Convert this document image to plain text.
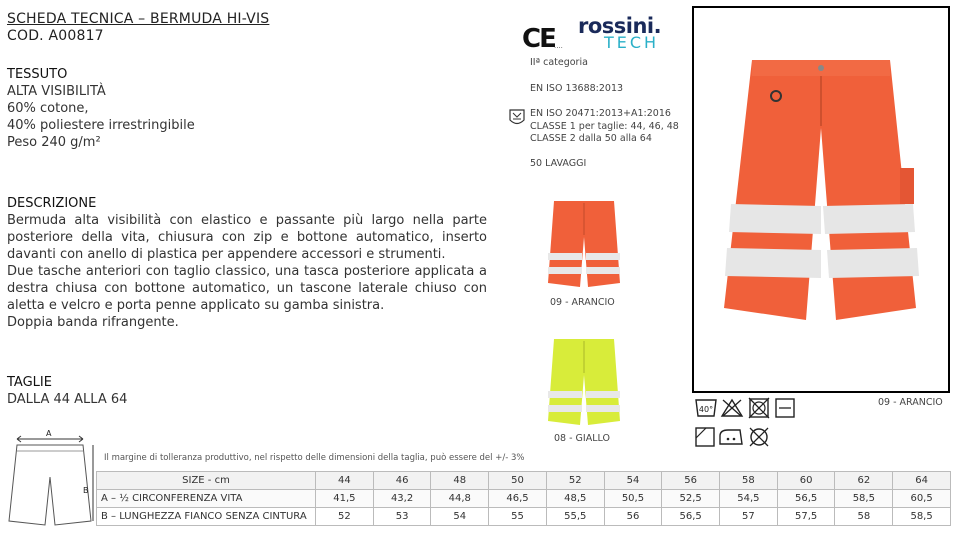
SCHEDA TECNICA – BERMUDA HI-VIS
COD. A00817
TESSUTO
ALTA VISIBILITÀ
60% cotone,
40% poliestere irrestringibile
Peso 240 g/m²
DESCRIZIONE

Bermuda alta visibilità con elastico e passante più largo nella parte posteriore della vita, chiusura con zip e bottone automatico, inserto davanti con anello di plastica per appendere accessori e strumenti.

Due tasche anteriori con taglio classico, una tasca posteriore applicata a destra chiusa con bottone automatico, un tascone laterale chiuso con aletta e velcro e porta penne applicato su gamba sinistra.

Doppia banda rifrangente.

TAGLIE
DALLA 44 ALLA 64
CE ....
rossini.
TECH
IIª categoria
EN ISO 13688:2013
EN ISO 20471:2013+A1:2016
CLASSE 1 per taglie: 44, 46, 48
CLASSE 2 dalla 50 alla 64
50 LAVAGGI
09 - ARANCIO
08 - GIALLO
09 - ARANCIO
40°
A
B
Il margine di tolleranza produttivo, nel rispetto delle dimensioni della taglia, può essere del +/- 3%
SIZE - cm	44	46	48	50	52	54	56	58	60	62	64
A – ½ CIRCONFERENZA VITA	41,5	43,2	44,8	46,5	48,5	50,5	52,5	54,5	56,5	58,5	60,5
B – LUNGHEZZA FIANCO SENZA CINTURA	52	53	54	55	55,5	56	56,5	57	57,5	58	58,5
